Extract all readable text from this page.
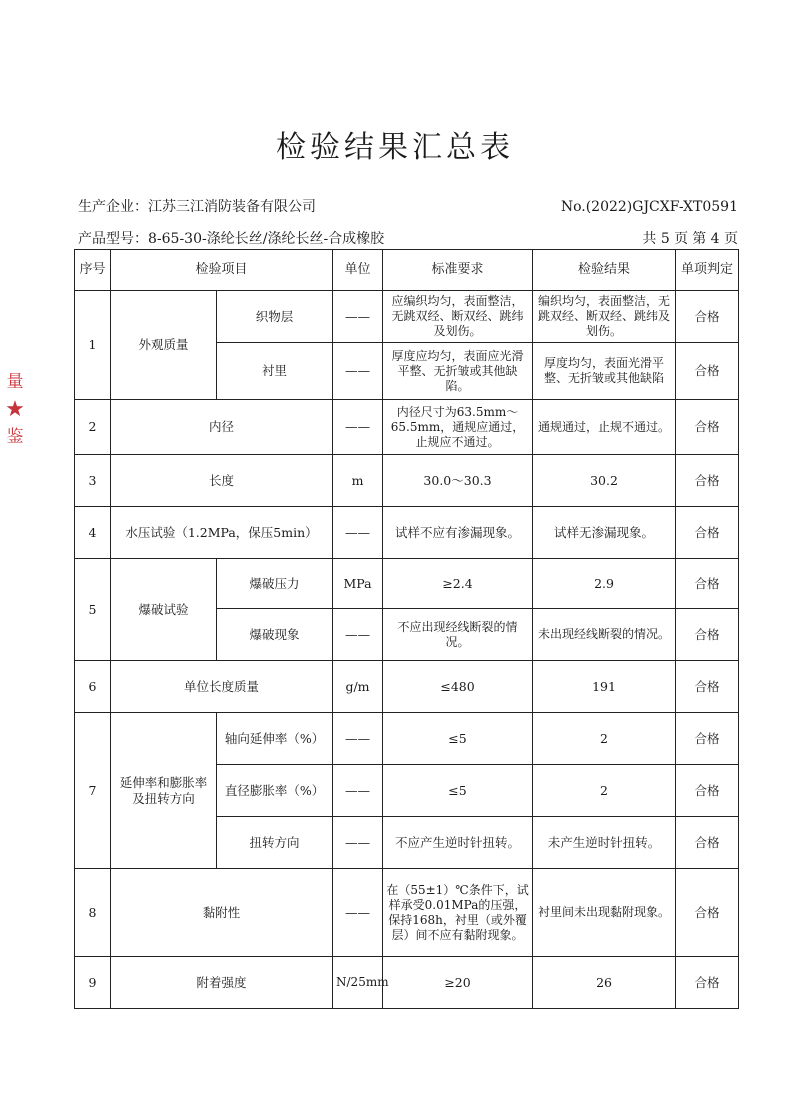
检验结果汇总表
生产企业：江苏三江消防装备有限公司	No.(2022)GJCXF-XT0591
产品型号：8-65-30-涤纶长丝/涤纶长丝-合成橡胶	共 5 页 第 4 页
序号	检验项目		单位	标准要求	检验结果	单项判定
1	外观质量	织物层	——	应编织均匀，表面整洁，无跳双经、断双经、跳纬及划伤。	编织均匀，表面整洁，无跳双经、断双经、跳纬及划伤。	合格
		衬里	——	厚度应均匀，表面应光滑平整、无折皱或其他缺陷。	厚度均匀，表面光滑平整、无折皱或其他缺陷	合格
2	内径		——	内径尺寸为63.5mm～65.5mm，通规应通过，止规应不通过。	通规通过，止规不通过。	合格
3	长度		m	30.0～30.3	30.2	合格
4	水压试验（1.2MPa，保压5min）		——	试样不应有渗漏现象。	试样无渗漏现象。	合格
5	爆破试验	爆破压力	MPa	≥2.4	2.9	合格
		爆破现象	——	不应出现经线断裂的情况。	未出现经线断裂的情况。	合格
6	单位长度质量		g/m	≤480	191	合格
7	延伸率和膨胀率及扭转方向	轴向延伸率（%）	——	≤5	2	合格
		直径膨胀率（%）	——	≤5	2	合格
		扭转方向	——	不应产生逆时针扭转。	未产生逆时针扭转。	合格
8	黏附性		——	在（55±1）℃条件下，试样承受0.01MPa的压强，保持168h，衬里（或外覆层）间不应有黏附现象。	衬里间未出现黏附现象。	合格
9	附着强度		N/25mm	≥20	26	合格
量
★
鉴
